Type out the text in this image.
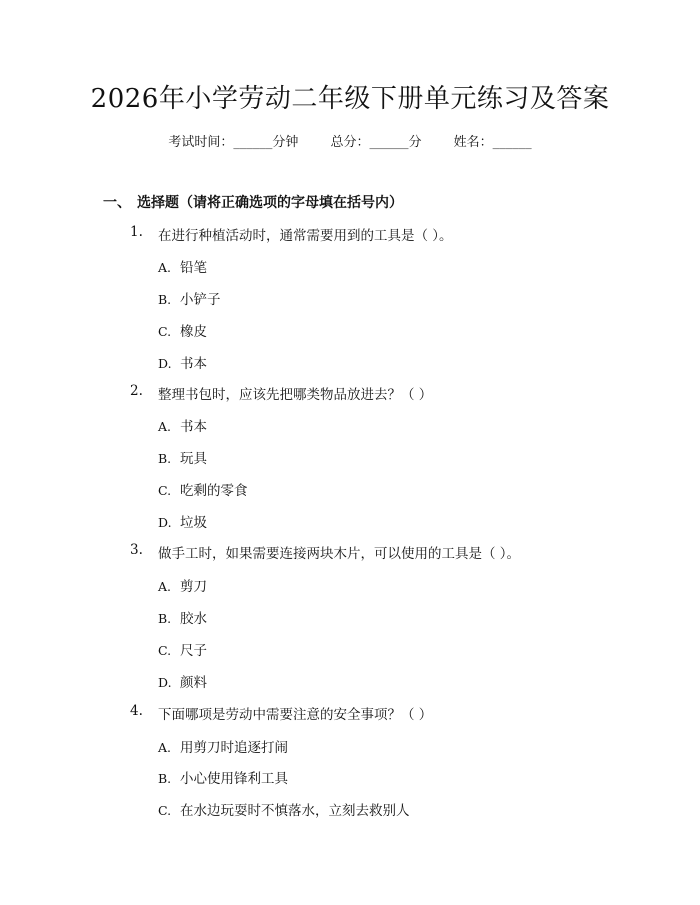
2026年小学劳动二年级下册单元练习及答案
考试时间：______分钟 总分：______分 姓名：______
一、 选择题（请将正确选项的字母填在括号内）
1. 在进行种植活动时，通常需要用到的工具是（ ）。
A. 铅笔
B. 小铲子
C. 橡皮
D. 书本
2. 整理书包时，应该先把哪类物品放进去？（ ）
A. 书本
B. 玩具
C. 吃剩的零食
D. 垃圾
3. 做手工时，如果需要连接两块木片，可以使用的工具是（ ）。
A. 剪刀
B. 胶水
C. 尺子
D. 颜料
4. 下面哪项是劳动中需要注意的安全事项？（ ）
A. 用剪刀时追逐打闹
B. 小心使用锋利工具
C. 在水边玩耍时不慎落水，立刻去救别人
